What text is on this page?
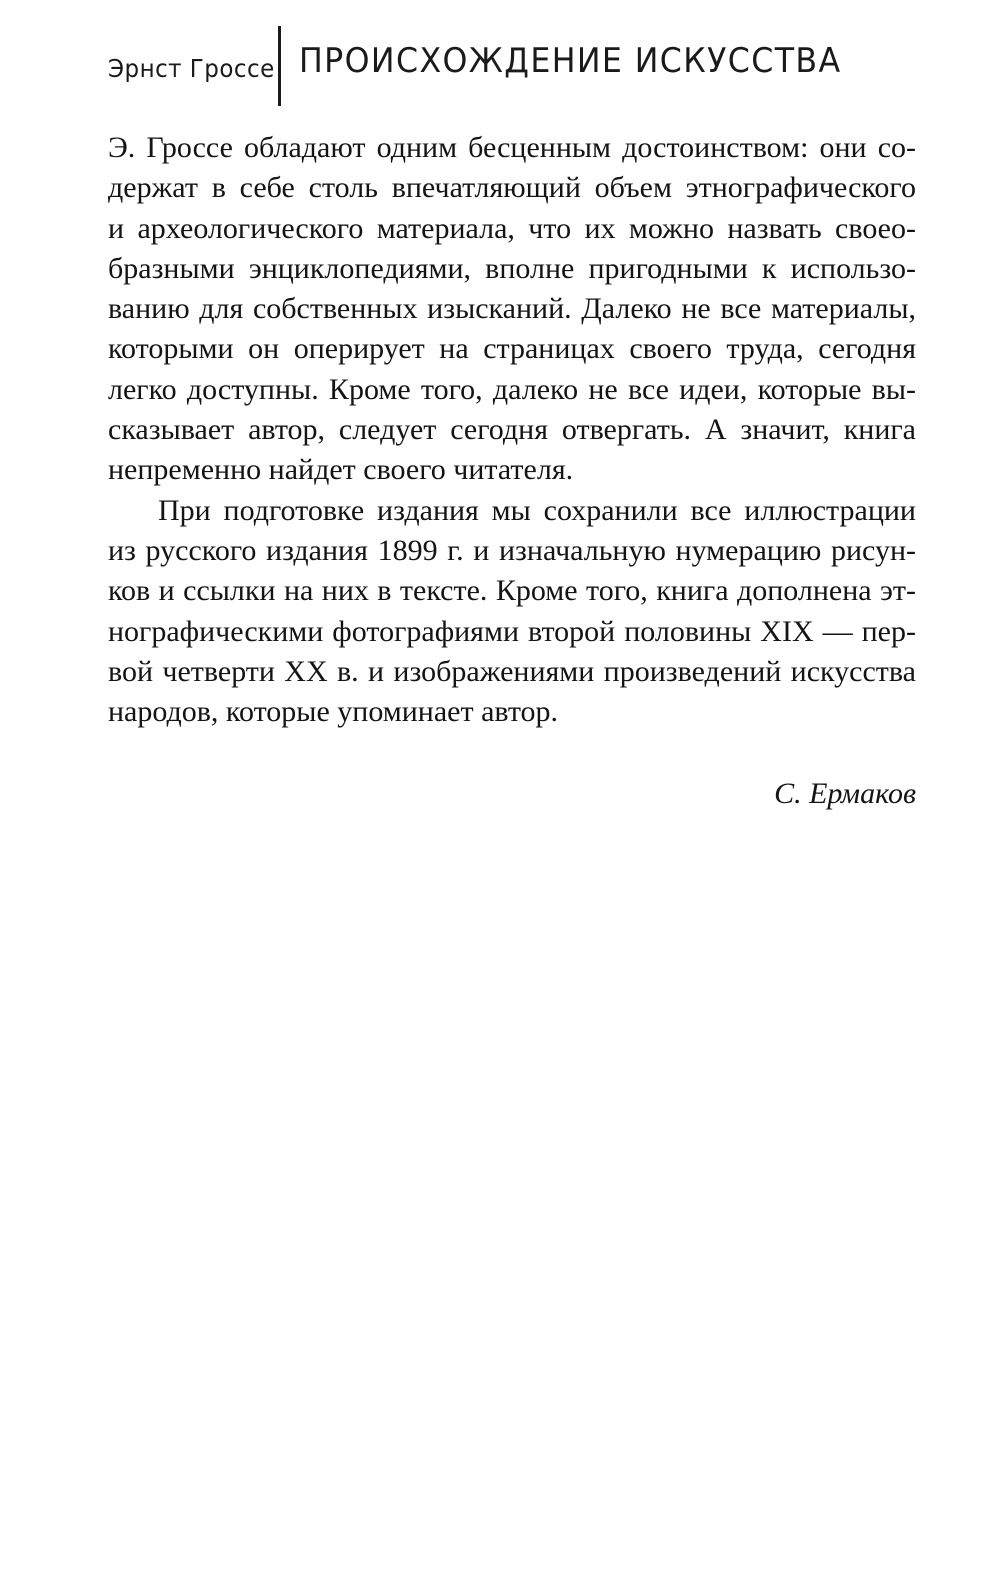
Эрнст Гроссе ПРОИСХОЖДЕНИЕ ИСКУССТВА
Э. Гроссе обладают одним бесценным достоинством: они со-
держат в себе столь впечатляющий объем этнографического
и археологического материала, что их можно назвать своео-
бразными энциклопедиями, вполне пригодными к использо-
ванию для собственных изысканий. Далеко не все материалы,
которыми он оперирует на страницах своего труда, сегодня
легко доступны. Кроме того, далеко не все идеи, которые вы-
сказывает автор, следует сегодня отвергать. А значит, книга
непременно найдет своего читателя.
При подготовке издания мы сохранили все иллюстрации
из русского издания 1899 г. и изначальную нумерацию рисун-
ков и ссылки на них в тексте. Кроме того, книга дополнена эт-
нографическими фотографиями второй половины XIX — пер-
вой четверти XX в. и изображениями произведений искусства
народов, которые упоминает автор.
С. Ермаков
